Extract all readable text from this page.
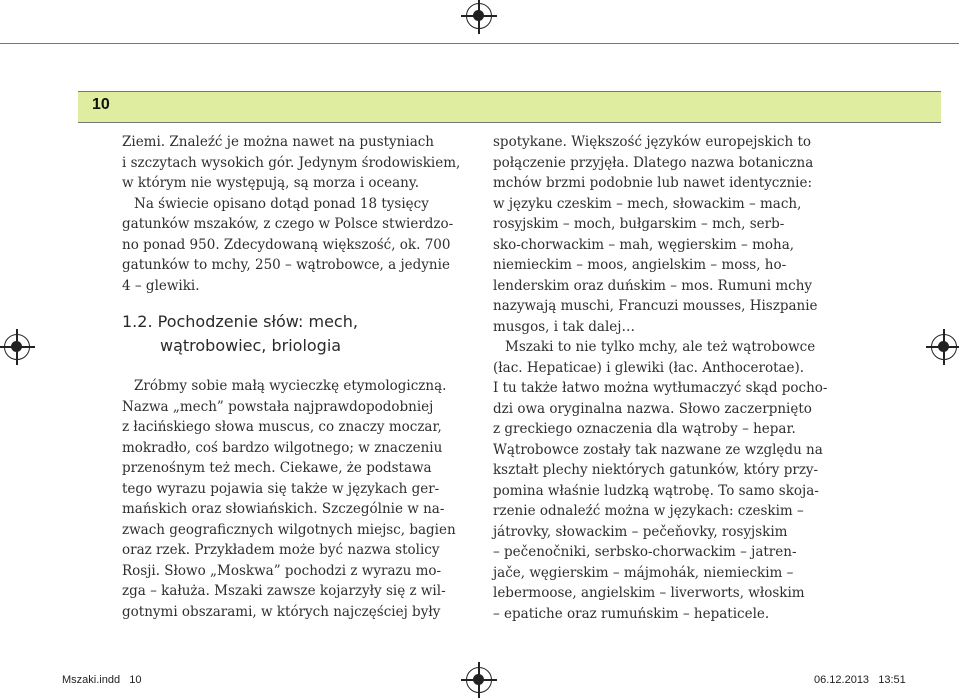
10
Ziemi. Znaleźć je można nawet na pustyniach
i szczytach wysokich gór. Jedynym środowiskiem,
w którym nie występują, są morza i oceany.
Na świecie opisano dotąd ponad 18 tysięcy
gatunków mszaków, z czego w Polsce stwierdzo-
no ponad 950. Zdecydowaną większość, ok. 700
gatunków to mchy, 250 – wątrobowce, a jedynie
4 – glewiki.
1.2. Pochodzenie słów: mech,
wątrobowiec, briologia
Zróbmy sobie małą wycieczkę etymologiczną.
Nazwa „mech” powstała najprawdopodobniej
z łacińskiego słowa muscus, co znaczy moczar,
mokradło, coś bardzo wilgotnego; w znaczeniu
przenośnym też mech. Ciekawe, że podstawa
tego wyrazu pojawia się także w językach ger-
mańskich oraz słowiańskich. Szczególnie w na-
zwach geograficznych wilgotnych miejsc, bagien
oraz rzek. Przykładem może być nazwa stolicy
Rosji. Słowo „Moskwa” pochodzi z wyrazu mo-
zga – kałuża. Mszaki zawsze kojarzyły się z wil-
gotnymi obszarami, w których najczęściej były
spotykane. Większość języków europejskich to
połączenie przyjęła. Dlatego nazwa botaniczna
mchów brzmi podobnie lub nawet identycznie:
w języku czeskim – mech, słowackim – mach,
rosyjskim – moch, bułgarskim – mch, serb-
sko-chorwackim – mah, węgierskim – moha,
niemieckim – moos, angielskim – moss, ho-
lenderskim oraz duńskim – mos. Rumuni mchy
nazywają muschi, Francuzi mousses, Hiszpanie
musgos, i tak dalej…
Mszaki to nie tylko mchy, ale też wątrobowce
(łac. Hepaticae) i glewiki (łac. Anthocerotae).
I tu także łatwo można wytłumaczyć skąd pocho-
dzi owa oryginalna nazwa. Słowo zaczerpnięto
z greckiego oznaczenia dla wątroby – hepar.
Wątrobowce zostały tak nazwane ze względu na
kształt plechy niektórych gatunków, który przy-
pomina właśnie ludzką wątrobę. To samo skoja-
rzenie odnaleźć można w językach: czeskim –
játrovky, słowackim – pečeňovky, rosyjskim
– pečenočniki, serbsko-chorwackim – jatren-
jače, węgierskim – májmohák, niemieckim –
lebermoose, angielskim – liverworts, włoskim
– epatiche oraz rumuńskim – hepaticele.
Mszaki.indd   10	06.12.2013   13:51
